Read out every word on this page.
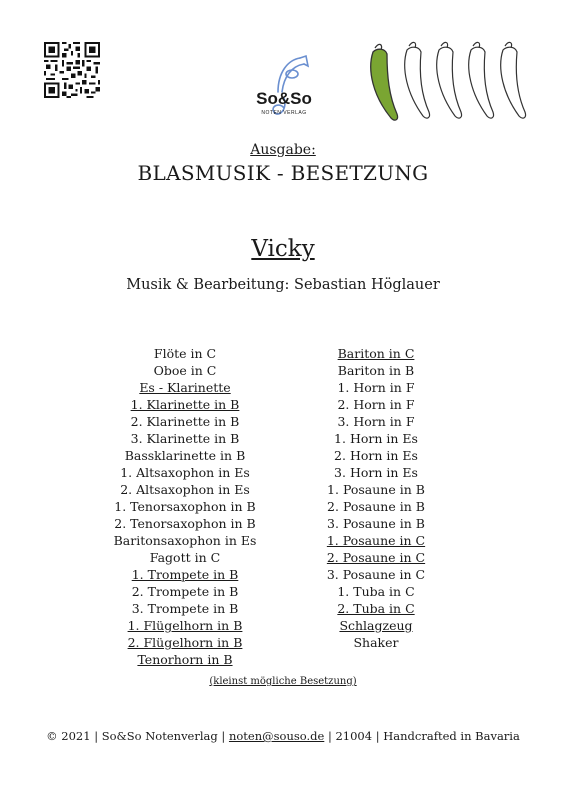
So&So
NOTEN VERLAG
Ausgabe:
BLASMUSIK - BESETZUNG
Vicky
Musik & Bearbeitung: Sebastian Höglauer
Flöte in C
Oboe in C
Es - Klarinette
1. Klarinette in B
2. Klarinette in B
3. Klarinette in B
Bassklarinette in B
1. Altsaxophon in Es
2. Altsaxophon in Es
1. Tenorsaxophon in B
2. Tenorsaxophon in B
Baritonsaxophon in Es
Fagott in C
1. Trompete in B
2. Trompete in B
3. Trompete in B
1. Flügelhorn in B
2. Flügelhorn in B
Tenorhorn in B
Bariton in C
Bariton in B
1. Horn in F
2. Horn in F
3. Horn in F
1. Horn in Es
2. Horn in Es
3. Horn in Es
1. Posaune in B
2. Posaune in B
3. Posaune in B
1. Posaune in C
2. Posaune in C
3. Posaune in C
1. Tuba in C
2. Tuba in C
Schlagzeug
Shaker
(kleinst mögliche Besetzung)
© 2021 | So&So Notenverlag | noten@souso.de | 21004 | Handcrafted in Bavaria
